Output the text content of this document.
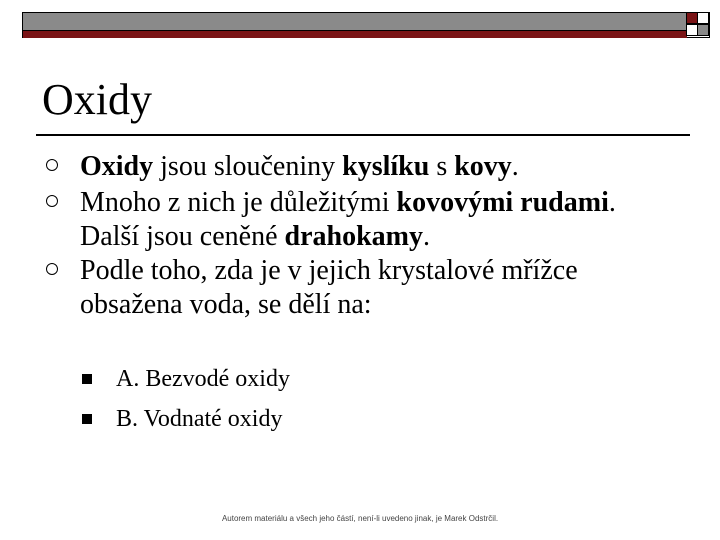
Oxidy
Oxidy jsou sloučeniny kyslíku s kovy.
Mnoho z nich je důležitými kovovými rudami. Další jsou ceněné drahokamy.
Podle toho, zda je v jejich krystalové mřížce obsažena voda, se dělí na:
A. Bezvodé oxidy
B. Vodnaté oxidy
Autorem materiálu a všech jeho částí, není-li uvedeno jinak, je Marek Odstrčil.
